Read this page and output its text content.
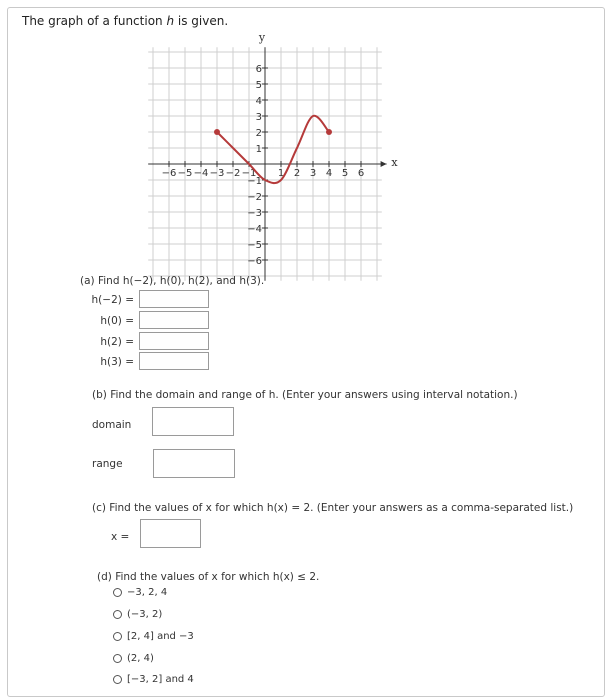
The graph of a function h is given.
−6 −5 −4 −3 −2 −1 1 2 3 4 5 6
6
5
4
3
2
1
−1
−2
−3
−4
−5
−6
x
y
(a) Find h(−2), h(0), h(2), and h(3).
h(−2) =
h(0) =
h(2) =
h(3) =
(b) Find the domain and range of h. (Enter your answers using interval notation.)
domain
range
(c) Find the values of x for which h(x) = 2. (Enter your answers as a comma-separated list.)
x =
(d) Find the values of x for which h(x) ≤ 2.
−3, 2, 4
(−3, 2)
[2, 4] and −3
(2, 4)
[−3, 2] and 4
